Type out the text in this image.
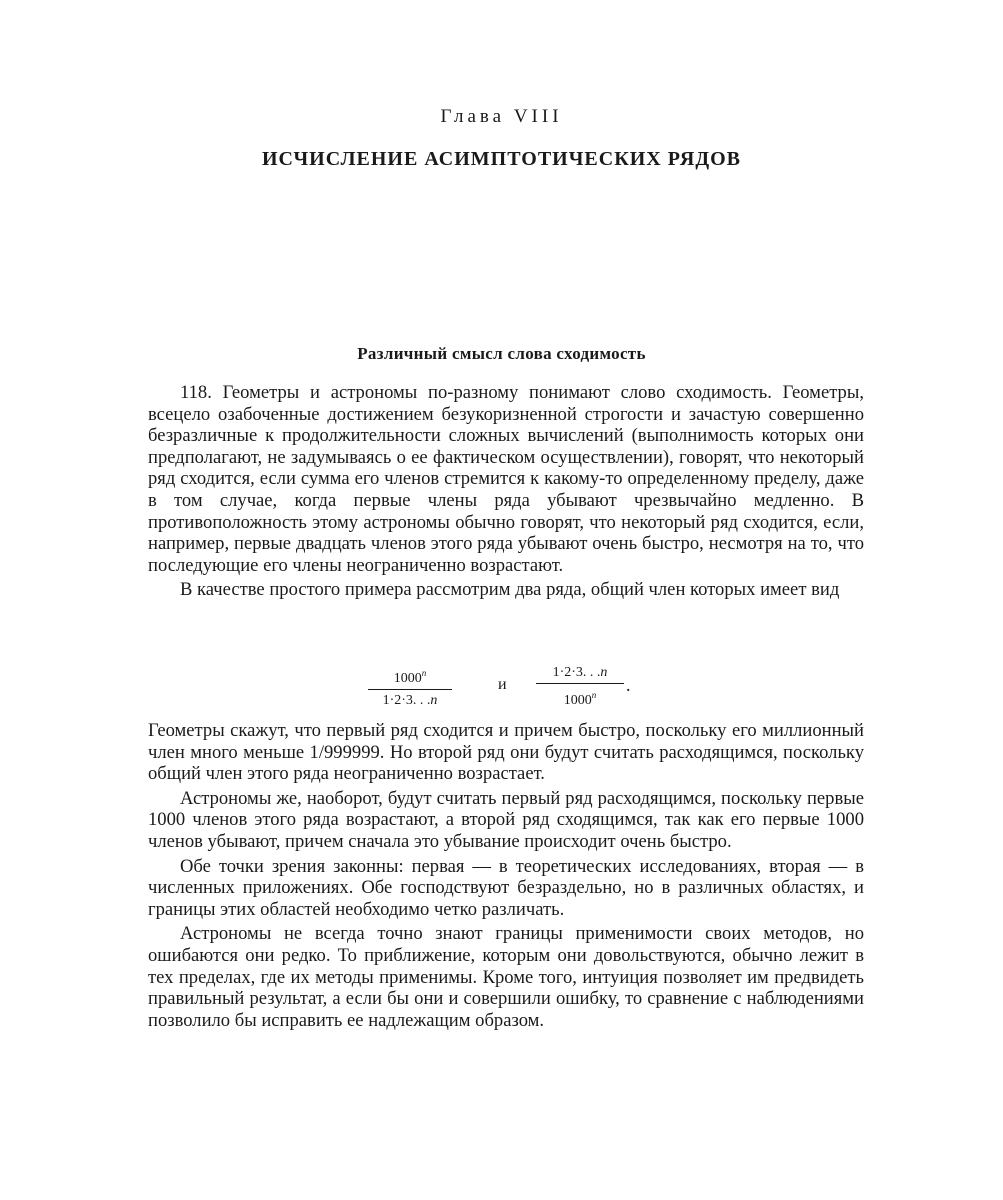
Глава VIII
ИСЧИСЛЕНИЕ АСИМПТОТИЧЕСКИХ РЯДОВ
Различный смысл слова сходимость

118. Геометры и астрономы по-разному понимают слово сходимость. Геометры, всецело озабоченные достижением безукоризненной строгости и зачастую совершенно безразличные к продолжительности сложных вычислений (выполнимость которых они предполагают, не задумываясь о ее фактическом осуществлении), говорят, что некоторый ряд сходится, если сумма его членов стремится к какому-то определенному пределу, даже в том случае, когда первые члены ряда убывают чрезвычайно медленно. В противоположность этому астрономы обычно говорят, что некоторый ряд сходится, если, например, первые двадцать членов этого ряда убывают очень быстро, несмотря на то, что последующие его члены неограниченно возрастают.

В качестве простого примера рассмотрим два ряда, общий член которых имеет вид

1000$^n$
1·2·3. . .n
и
1·2·3. . .n
1000$^n$	.

Геометры скажут, что первый ряд сходится и причем быстро, поскольку его миллионный член много меньше 1/999999. Но второй ряд они будут считать расходящимся, поскольку общий член этого ряда неограниченно возрастает.

Астрономы же, наоборот, будут считать первый ряд расходящимся, поскольку первые 1000 членов этого ряда возрастают, а второй ряд сходящимся, так как его первые 1000 членов убывают, причем сначала это убывание происходит очень быстро.

Обе точки зрения законны: первая — в теоретических исследованиях, вторая — в численных приложениях. Обе господствуют безраздельно, но в различных областях, и границы этих областей необходимо четко различать.

Астрономы не всегда точно знают границы применимости своих методов, но ошибаются они редко. То приближение, которым они довольствуются, обычно лежит в тех пределах, где их методы применимы. Кроме того, интуиция позволяет им предвидеть правильный результат, а если бы они и совершили ошибку, то сравнение с наблюдениями позволило бы исправить ее надлежащим образом.
